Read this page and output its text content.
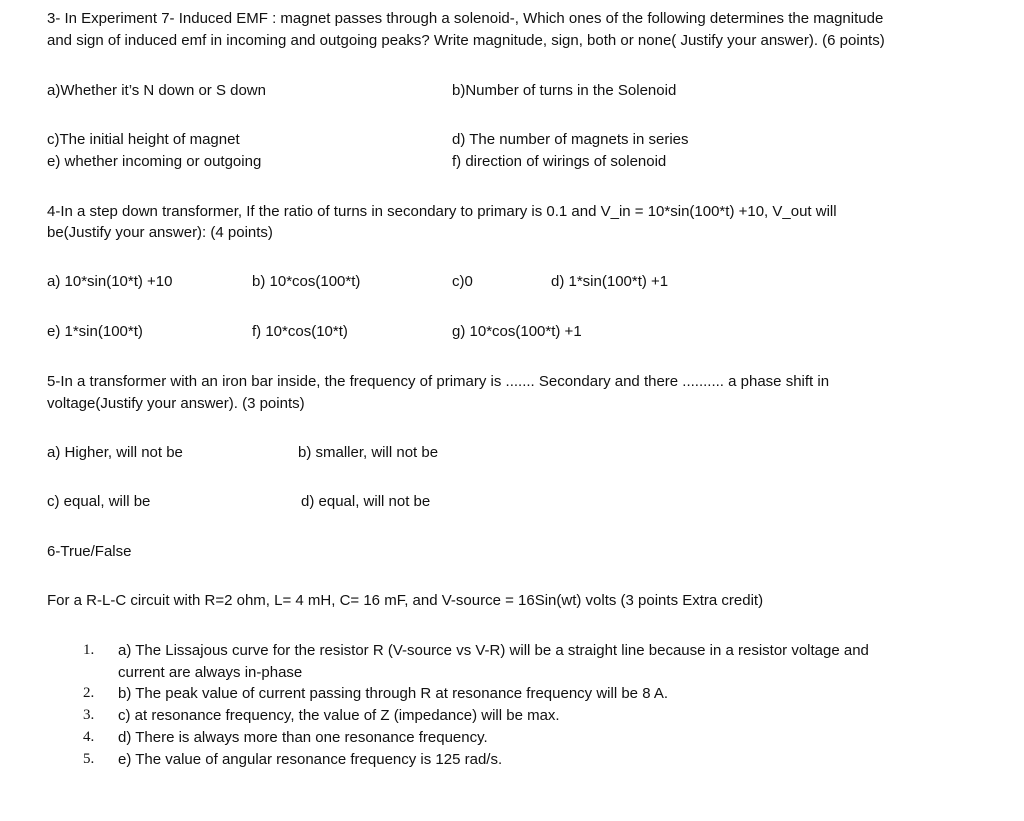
3- In Experiment 7- Induced EMF : magnet passes through a solenoid-, Which ones of the following determines the magnitude
and sign of induced emf in incoming and outgoing peaks? Write magnitude, sign, both or none( Justify your answer). (6 points)
a)Whether it’s N down or S down	b)Number of turns in the Solenoid
c)The initial height of magnet	d) The number of magnets in series
e) whether incoming or outgoing	f) direction of wirings of solenoid
4-In a step down transformer, If the ratio of turns in secondary to primary is 0.1 and V_in = 10*sin(100*t) +10, V_out will
be(Justify your answer): (4 points)
a) 10*sin(10*t) +10	b) 10*cos(100*t)	c)0	d) 1*sin(100*t) +1
e) 1*sin(100*t)	f) 10*cos(10*t)	g) 10*cos(100*t) +1
5-In a transformer with an iron bar inside, the frequency of primary is ....... Secondary and there .......... a phase shift in
voltage(Justify your answer). (3 points)
a) Higher, will not be	b) smaller, will not be
c) equal, will be	d) equal, will not be
6-True/False
For a R-L-C circuit with R=2 ohm, L= 4 mH, C= 16 mF, and V-source = 16Sin(wt) volts (3 points Extra credit)
1. a) The Lissajous curve for the resistor R (V-source vs V-R) will be a straight line because in a resistor voltage and
current are always in-phase
2. b) The peak value of current passing through R at resonance frequency will be 8 A.
3. c) at resonance frequency, the value of Z (impedance) will be max.
4. d) There is always more than one resonance frequency.
5. e) The value of angular resonance frequency is 125 rad/s.
